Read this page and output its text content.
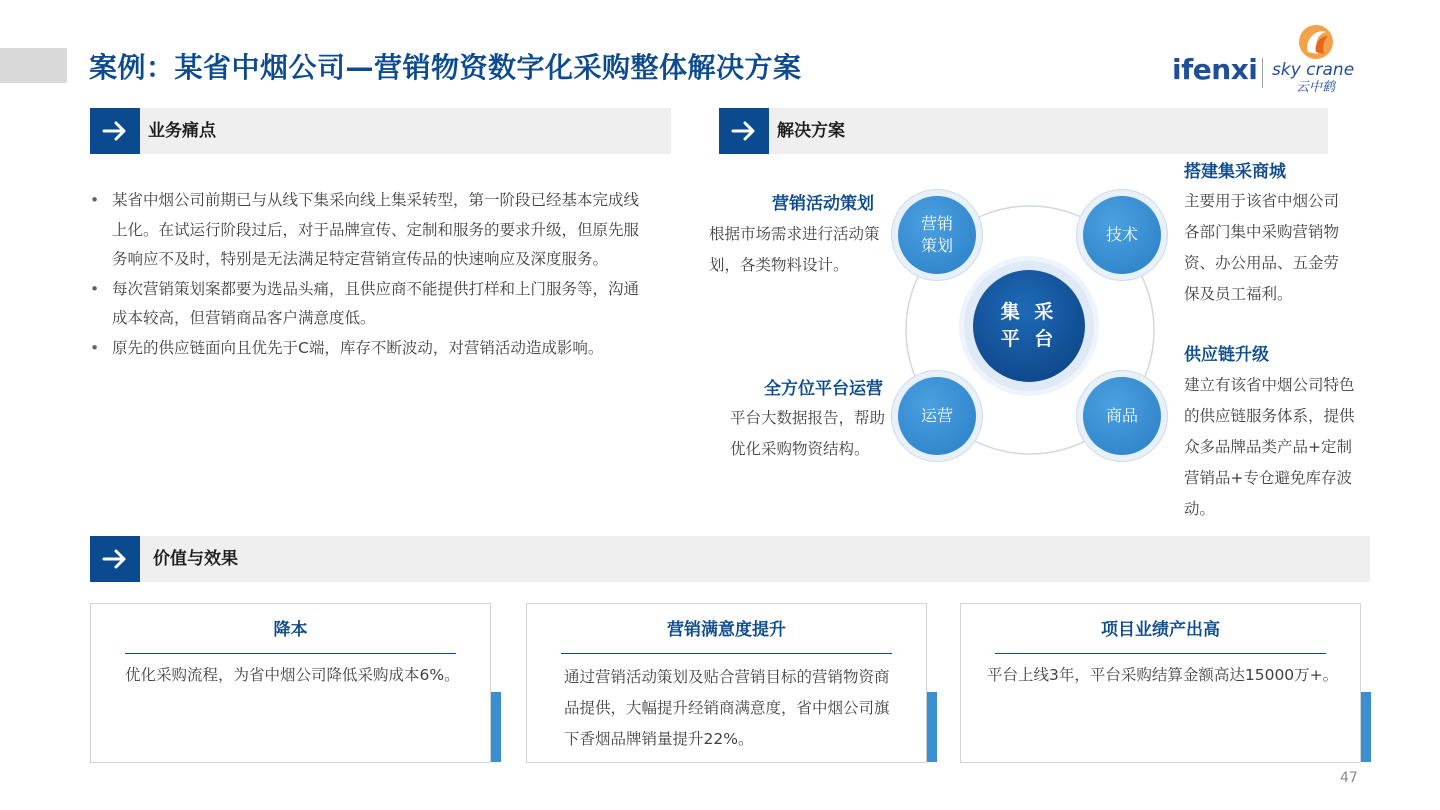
案例：某省中烟公司—营销物资数字化采购整体解决方案	ifenxi sky crane
云中鹤
业务痛点
• 某省中烟公司前期已与从线下集采向线上集采转型，第一阶段已经基本完成线上化。在试运行阶段过后，对于品牌宣传、定制和服务的要求升级，但原先服务响应不及时，特别是无法满足特定营销宣传品的快速响应及深度服务。
• 每次营销策划案都要为选品头痛，且供应商不能提供打样和上门服务等，沟通成本较高，但营销商品客户满意度低。
• 原先的供应链面向且优先于C端，库存不断波动，对营销活动造成影响。
解决方案
营销
策划
技术
运营	商品
集 采
平 台
营销活动策划
根据市场需求进行活动策划，各类物料设计。
全方位平台运营
平台大数据报告，帮助优化采购物资结构。
搭建集采商城
主要用于该省中烟公司各部门集中采购营销物资、办公用品、五金劳保及员工福利。
供应链升级
建立有该省中烟公司特色的供应链服务体系，提供众多品牌品类产品+定制营销品+专仓避免库存波动。
价值与效果
降本
优化采购流程，为省中烟公司降低采购成本6%。
营销满意度提升
通过营销活动策划及贴合营销目标的营销物资商品提供，大幅提升经销商满意度，省中烟公司旗下香烟品牌销量提升22%。
项目业绩产出高
平台上线3年，平台采购结算金额高达15000万+。
47
